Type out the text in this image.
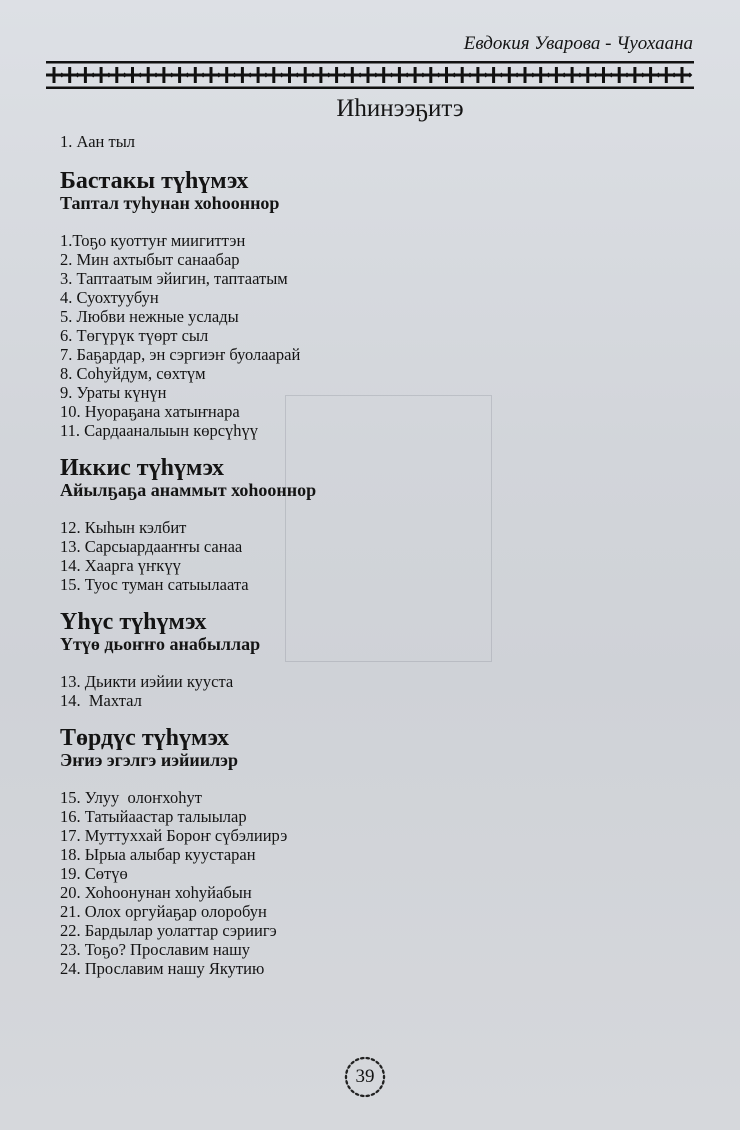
Евдокия Уварова - Чуохаана
Иһинээҕитэ

1. Аан тыл

Бастакы түһүмэх

Таптал туһунан хоһооннор

1.Тоҕо куоттуҥ миигиттэн

2. Мин ахтыбыт санаабар

3. Таптаатым эйигин, таптаатым

4. Суохтуубун

5. Любви нежные услады

6. Төгүрүк түөрт сыл

7. Баҕардар, эн сэргиэҥ буолаарай

8. Соһуйдум, сөхтүм

9. Ураты күнүн

10. Нуораҕана хатыҥнара

11. Сардааналыын көрсүһүү

Иккис түһүмэх

Айылҕаҕа анаммыт хоһооннор

12. Кыһын кэлбит

13. Сарсыардааҥҥы санаа

14. Хаарга үҥкүү

15. Туос туман сатыылаата

Үһүс түһүмэх

Үтүө дьоҥҥо анабыллар

13. Дьикти иэйии кууста

14.  Махтал

Төрдүс түһүмэх

Эҥиэ эгэлгэ иэйиилэр

15. Улуу  олоҥхоһут

16. Татыйаастар талыылар

17. Муттуххай Бороҥ сүбэлиирэ

18. Ырыа алыбар куустаран

19. Сөтүө

20. Хоһоонунан хоһуйабын

21. Олох оргуйаҕар олоробун

22. Бардылар уолаттар сэриигэ

23. Тоҕо? Прославим нашу

24. Прославим нашу Якутию

39
